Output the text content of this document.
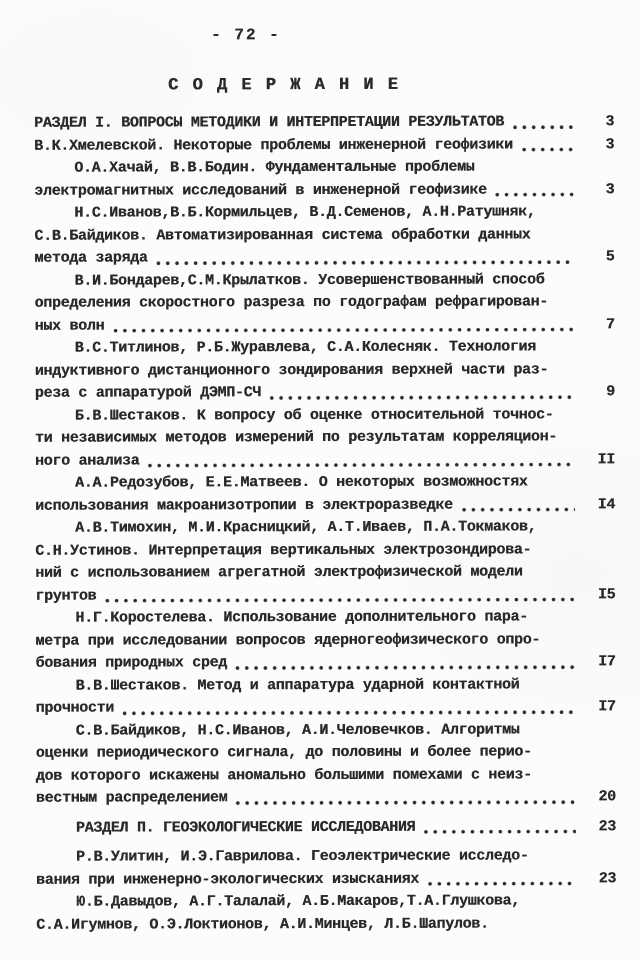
- 72 -
С О Д Е Р Ж А Н И Е
РАЗДЕЛ I. ВОПРОСЫ МЕТОДИКИ И ИНТЕРПРЕТАЦИИ РЕЗУЛЬТАТОВ	3
В.К.Хмелевской. Некоторые проблемы инженерной геофизики	3
О.А.Хачай, В.В.Бодин. Фундаментальные проблемы
электромагнитных исследований в инженерной геофизике	3
Н.С.Иванов,В.Б.Кормильцев, В.Д.Семенов, А.Н.Ратушняк,
С.В.Байдиков. Автоматизированная система обработки данных
метода заряда	5
В.И.Бондарев,С.М.Крылатков. Усовершенствованный способ
определения скоростного разреза по годографам рефрагирован-
ных волн	7
В.С.Титлинов, Р.Б.Журавлева, С.А.Колесняк. Технология
индуктивного дистанционного зондирования верхней части раз-
реза с аппаратурой ДЭМП-СЧ	9
Б.В.Шестаков. К вопросу об оценке относительной точнос-
ти независимых методов измерений по результатам корреляцион-
ного анализа	II
А.А.Редозубов, Е.Е.Матвеев. О некоторых возможностях
использования макроанизотропии в электроразведке	I4
А.В.Тимохин, М.И.Красницкий, А.Т.Иваев, П.А.Токмаков,
С.Н.Устинов. Интерпретация вертикальных электрозондирова-
ний с использованием агрегатной электрофизической модели
грунтов	I5
Н.Г.Коростелева. Использование дополнительного пара-
метра при исследовании вопросов ядерногеофизического опро-
бования природных сред	I7
В.В.Шестаков. Метод и аппаратура ударной контактной
прочности	I7
С.В.Байдиков, Н.С.Иванов, А.И.Человечков. Алгоритмы
оценки периодического сигнала, до половины и более перио-
дов которого искажены аномально большими помехами с неиз-
вестным распределением	20
РАЗДЕЛ П. ГЕОЭКОЛОГИЧЕСКИЕ ИССЛЕДОВАНИЯ	23
Р.В.Улитин, И.Э.Гаврилова. Геоэлектрические исследо-
вания при инженерно-экологических изысканиях	23
Ю.Б.Давыдов, А.Г.Талалай, А.Б.Макаров,Т.А.Глушкова,
С.А.Игумнов, О.Э.Локтионов, А.И.Минцев, Л.Б.Шапулов.
